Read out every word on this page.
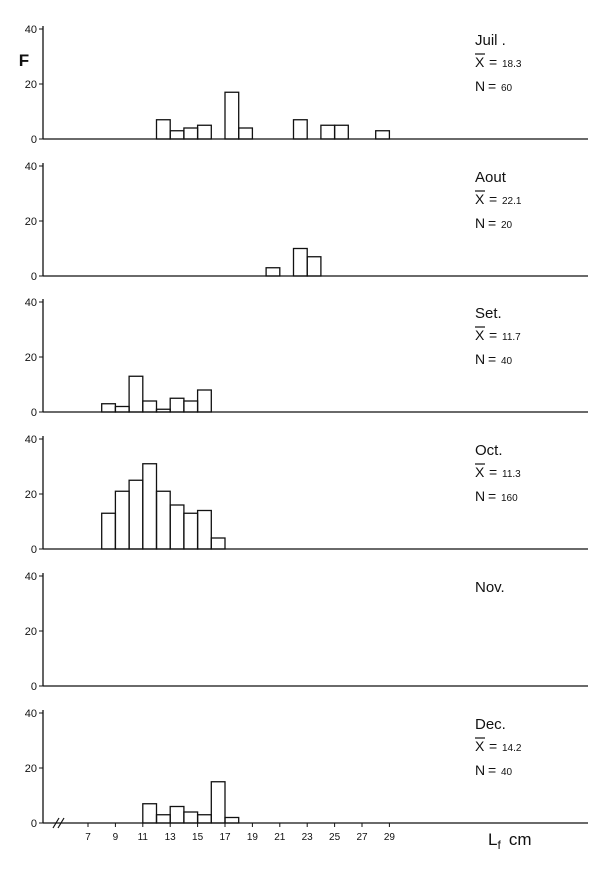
0
20
40
F
Juil .
X = 18.3
N = 60
0
20
40
Aout
X = 22.1
N = 20
0
20
40
Set.
X = 11.7
N = 40
0
20
40
Oct.
X = 11.3
N = 160
0
20
40
Nov.
0
20
40
Dec.
X = 14.2
N = 40
7 9 11 13 15 17 19 21 23 25 27 29	$L_f$ cm
